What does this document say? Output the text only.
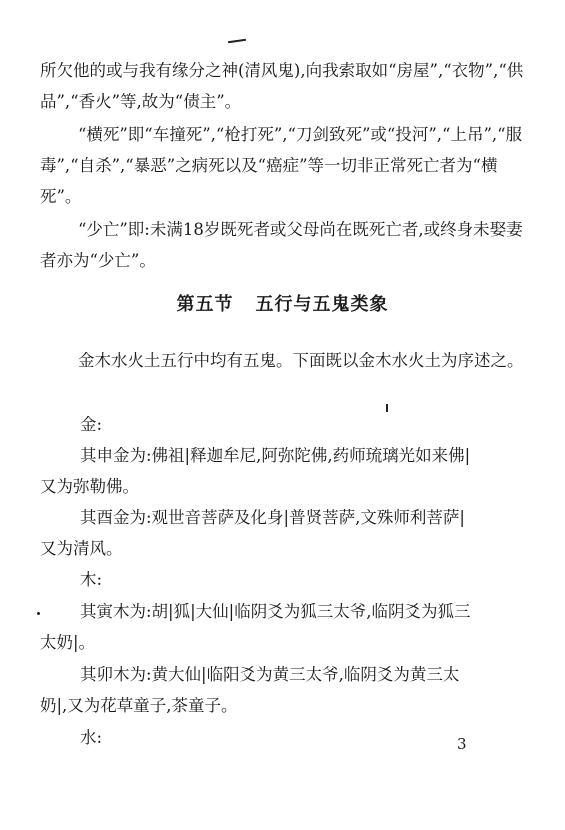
所欠他的或与我有缘分之神(清风鬼),向我索取如“房屋”,“衣物”,“供品”,“香火”等,故为“债主”。

“横死”即“车撞死”,“枪打死”,“刀剑致死”或“投河”,“上吊”,“服毒”,“自杀”,“暴恶”之病死以及“癌症”等一切非正常死亡者为“横死”。

“少亡”即:未满18岁既死者或父母尚在既死亡者,或终身未娶妻者亦为“少亡”。

第五节 五行与五鬼类象

金木水火土五行中均有五鬼。下面既以金木水火土为序述之。

金:
其申金为:佛祖|释迦牟尼,阿弥陀佛,药师琉璃光如来佛|
又为弥勒佛。
其酉金为:观世音菩萨及化身|普贤菩萨,文殊师利菩萨|
又为清风。
木:
其寅木为:胡|狐|大仙|临阴爻为狐三太爷,临阴爻为狐三
太奶|。
其卯木为:黄大仙|临阳爻为黄三太爷,临阴爻为黄三太
奶|,又为花草童子,茶童子。
水:	3
